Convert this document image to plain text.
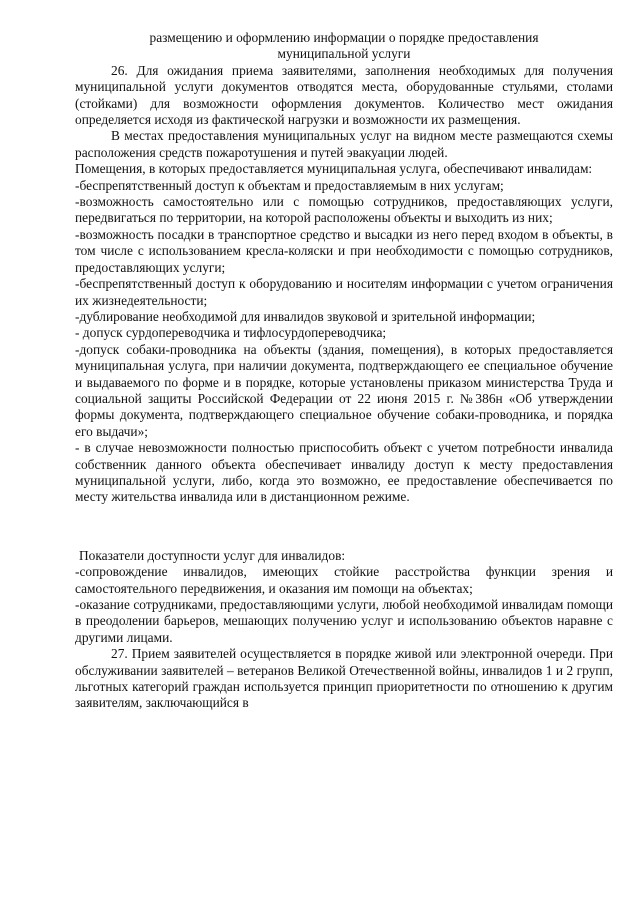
размещению и оформлению информации о порядке предоставления
муниципальной услуги

26. Для ожидания приема заявителями, заполнения необходимых для получения муниципальной услуги документов отводятся места, оборудованные стульями, столами (стойками) для возможности оформления документов. Количество мест ожидания определяется исходя из фактической нагрузки и возможности их размещения.

В местах предоставления муниципальных услуг на видном месте размещаются схемы расположения средств пожаротушения и путей эвакуации людей.

Помещения, в которых предоставляется муниципальная услуга, обеспечивают инвалидам:

-беспрепятственный доступ к объектам и предоставляемым в них услугам;

-возможность самостоятельно или с помощью сотрудников, предоставляющих услуги, передвигаться по территории, на которой расположены объекты и выходить из них;

-возможность посадки в транспортное средство и высадки из него перед входом в объекты, в том числе с использованием кресла-коляски и при необходимости с помощью сотрудников, предоставляющих услуги;

-беспрепятственный доступ к оборудованию и носителям информации с учетом ограничения их жизнедеятельности;

-дублирование необходимой для инвалидов звуковой и зрительной информации;

- допуск сурдопереводчика и тифлосурдопереводчика;

-допуск собаки-проводника на объекты (здания, помещения), в которых предоставляется муниципальная услуга, при наличии документа, подтверждающего ее специальное обучение и выдаваемого по форме и в порядке, которые установлены приказом министерства Труда и социальной защиты Российской Федерации от 22 июня 2015 г. №386н «Об утверждении формы документа, подтверждающего специальное обучение собаки-проводника, и порядка его выдачи»;

- в случае невозможности полностью приспособить объект с учетом потребности инвалида собственник данного объекта обеспечивает инвалиду доступ к месту предоставления муниципальной услуги, либо, когда это возможно, ее предоставление обеспечивается по месту жительства инвалида или в дистанционном режиме.

Показатели доступности услуг для инвалидов:

-сопровождение инвалидов, имеющих стойкие расстройства функции зрения и самостоятельного передвижения, и оказания им помощи на объектах;

-оказание сотрудниками, предоставляющими услуги, любой необходимой инвалидам помощи в преодолении барьеров, мешающих получению услуг и использованию объектов наравне с другими лицами.

27. Прием заявителей осуществляется в порядке живой или электронной очереди. При обслуживании заявителей – ветеранов Великой Отечественной войны, инвалидов 1 и 2 групп, льготных категорий граждан используется принцип приоритетности по отношению к другим заявителям, заключающийся в
